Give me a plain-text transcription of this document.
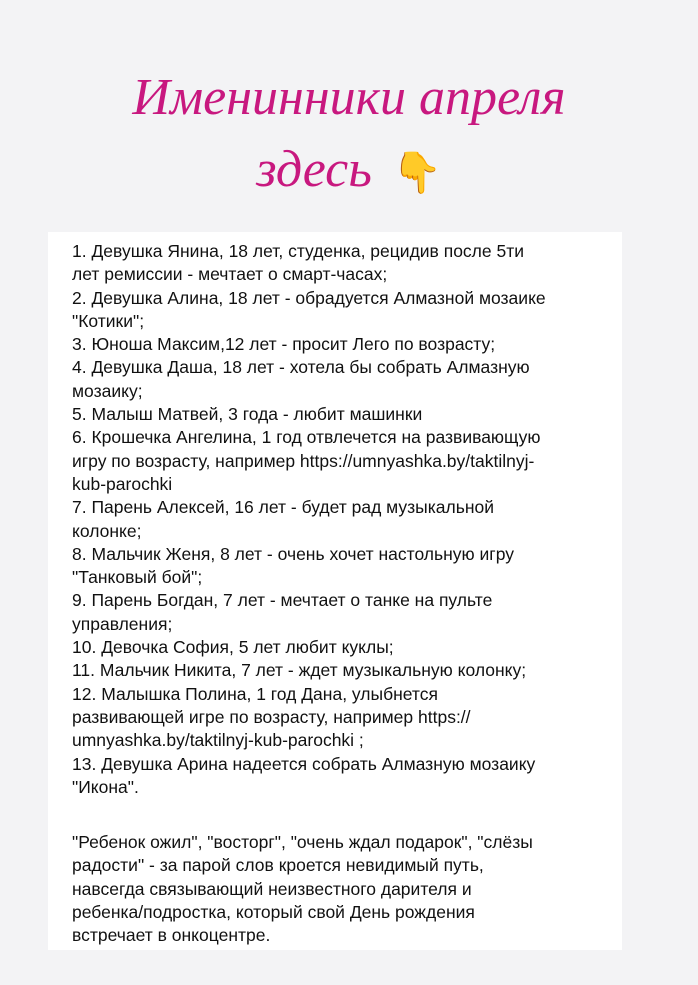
Именинники апреля
здесь 👇
1. Девушка Янина, 18 лет, студенка, рецидив после 5ти
лет ремиссии - мечтает о смарт-часах;
2. Девушка Алина, 18 лет - обрадуется Алмазной мозаике
"Котики";
3. Юноша Максим,12 лет - просит Лего по возрасту;
4. Девушка Даша, 18 лет - хотела бы собрать Алмазную
мозаику;
5. Малыш Матвей, 3 года - любит машинки
6. Крошечка Ангелина, 1 год отвлечется на развивающую
игру по возрасту, например https://umnyashka.by/taktilnyj-
kub-parochki
7. Парень Алексей, 16 лет - будет рад музыкальной
колонке;
8. Мальчик Женя, 8 лет - очень хочет настольную игру
"Танковый бой";
9. Парень Богдан, 7 лет - мечтает о танке на пульте
управления;
10. Девочка София, 5 лет любит куклы;
11. Мальчик Никита, 7 лет - ждет музыкальную колонку;
12. Малышка Полина, 1 год Дана, улыбнется
развивающей игре по возрасту, например https://
umnyashka.by/taktilnyj-kub-parochki ;
13. Девушка Арина надеется собрать Алмазную мозаику
"Икона".
"Ребенок ожил", "восторг", "очень ждал подарок", "слёзы
радости" - за парой слов кроется невидимый путь,
навсегда связывающий неизвестного дарителя и
ребенка/подростка, который свой День рождения
встречает в онкоцентре.
